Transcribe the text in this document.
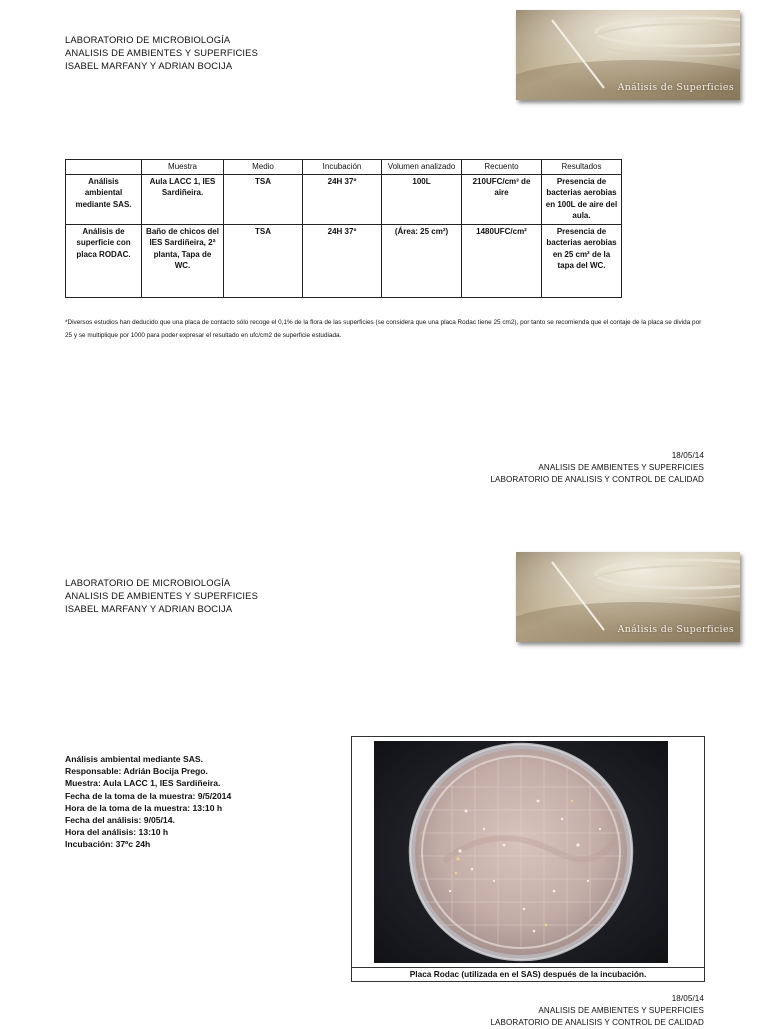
LABORATORIO DE MICROBIOLOGÍA
ANALISIS DE AMBIENTES Y SUPERFICIES
ISABEL MARFANY Y ADRIAN BOCIJA
Análisis de Superficies
	Muestra	Medio	Incubación	Volumen analizado	Recuento	Resultados
Análisis ambiental mediante SAS.	Aula LACC 1, IES Sardiñeira.	TSA	24H 37º	100L	210UFC/cm³ de aire	Presencia de bacterias aerobias en 100L de aire del aula.
Análisis de superficie con placa RODAC.	Baño de chicos del IES Sardiñeira, 2ª planta, Tapa de WC.	TSA	24H 37º	(Área: 25 cm²)	1480UFC/cm²	Presencia de bacterias aerobias en 25 cm² de la tapa del WC.
*Diversos estudios han deducido que una placa de contacto sólo recoge el 0,1% de la flora de las superficies (se considera que una placa Rodac tiene 25 cm2), por tanto se recomienda que el contaje de la placa se divida por 25 y se multiplique por 1000 para poder expresar el resultado en ufc/cm2 de superficie estudiada.
18/05/14
ANALISIS DE AMBIENTES Y SUPERFICIES
LABORATORIO DE ANALISIS Y CONTROL DE CALIDAD
LABORATORIO DE MICROBIOLOGÍA
ANALISIS DE AMBIENTES Y SUPERFICIES
ISABEL MARFANY Y ADRIAN BOCIJA
Análisis de Superficies
Análisis ambiental mediante SAS.
Responsable: Adrián Bocija Prego.
Muestra: Aula LACC 1, IES Sardiñeira.
Fecha de la toma de la muestra: 9/5/2014
Hora de la toma de la muestra: 13:10 h
Fecha del análisis: 9/05/14.
Hora del análisis: 13:10 h
Incubación: 37ºc 24h
Placa Rodac (utilizada en el SAS) después de la incubación.
18/05/14
ANALISIS DE AMBIENTES Y SUPERFICIES
LABORATORIO DE ANALISIS Y CONTROL DE CALIDAD
